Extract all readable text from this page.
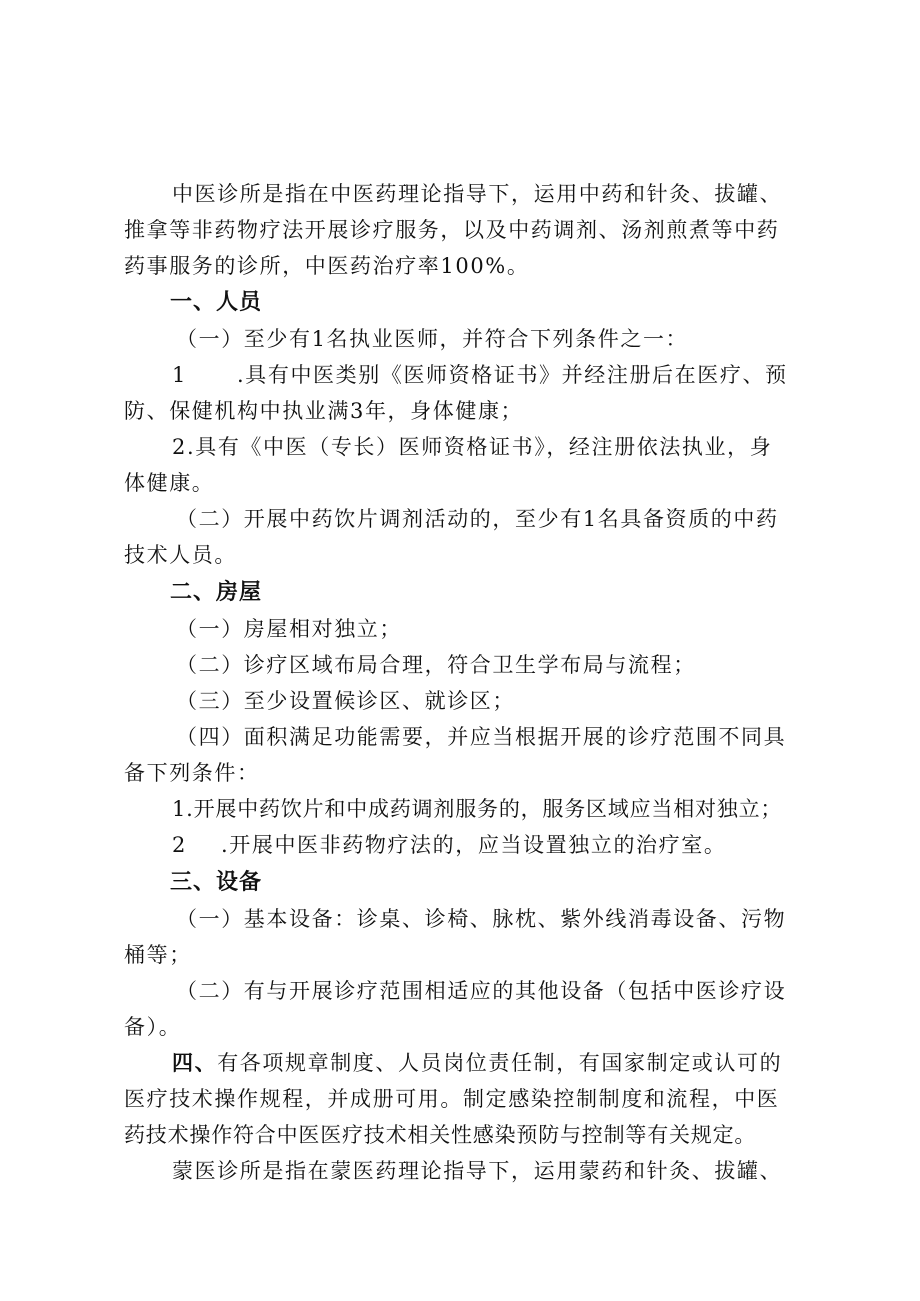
中医诊所是指在中医药理论指导下，运用中药和针灸、拔罐、
推拿等非药物疗法开展诊疗服务，以及中药调剂、汤剂煎煮等中药
药事服务的诊所，中医药治疗率100%。
一、人员
（一）至少有1名执业医师，并符合下列条件之一：
1 .具有中医类别《医师资格证书》并经注册后在医疗、预
防、保健机构中执业满3年，身体健康；
2.具有《中医（专长）医师资格证书》，经注册依法执业，身
体健康。
（二）开展中药饮片调剂活动的，至少有1名具备资质的中药
技术人员。
二、房屋
（一）房屋相对独立；
（二）诊疗区域布局合理，符合卫生学布局与流程；
（三）至少设置候诊区、就诊区；
（四）面积满足功能需要，并应当根据开展的诊疗范围不同具
备下列条件：
1.开展中药饮片和中成药调剂服务的，服务区域应当相对独立；
2 .开展中医非药物疗法的，应当设置独立的治疗室。
三、设备
（一）基本设备：诊桌、诊椅、脉枕、紫外线消毒设备、污物
桶等；
（二）有与开展诊疗范围相适应的其他设备（包括中医诊疗设
备）。
四、有各项规章制度、人员岗位责任制，有国家制定或认可的
医疗技术操作规程，并成册可用。制定感染控制制度和流程，中医
药技术操作符合中医医疗技术相关性感染预防与控制等有关规定。
蒙医诊所是指在蒙医药理论指导下，运用蒙药和针灸、拔罐、
